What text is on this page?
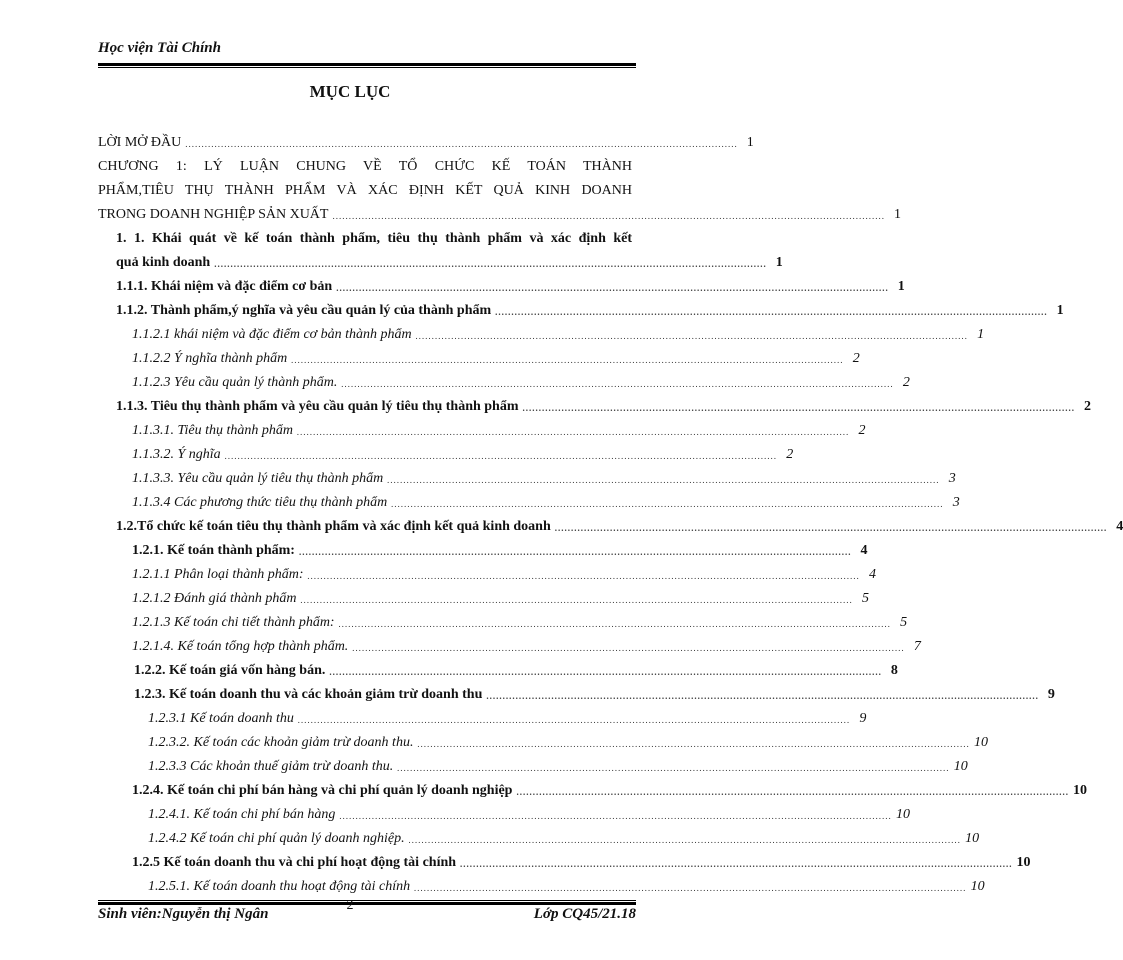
Học viện Tài Chính
MỤC LỤC
LỜI MỞ ĐẦU .......................................................................................................................................................................... 1
CHƯƠNG 1: LÝ LUẬN CHUNG VỀ TỔ CHỨC KẾ TOÁN THÀNH
PHẨM,TIÊU THỤ THÀNH PHẨM VÀ XÁC ĐỊNH KẾT QUẢ KINH DOANH
TRONG DOANH NGHIỆP SẢN XUẤT .......................................................................................................................................................................... 1
1. 1. Khái quát về kế toán thành phẩm, tiêu thụ thành phẩm và xác định kết
quả kinh doanh .......................................................................................................................................................................... 1
1.1.1. Khái niệm và đặc điểm cơ bản .......................................................................................................................................................................... 1
1.1.2. Thành phẩm,ý nghĩa và yêu cầu quản lý của thành phẩm .......................................................................................................................................................................... 1
1.1.2.1 khái niệm và đặc điểm cơ bản thành phẩm .......................................................................................................................................................................... 1
1.1.2.2 Ý nghĩa thành phẩm .......................................................................................................................................................................... 2
1.1.2.3 Yêu cầu quản lý thành phẩm. .......................................................................................................................................................................... 2
1.1.3. Tiêu thụ thành phẩm và yêu cầu quản lý tiêu thụ thành phẩm .......................................................................................................................................................................... 2
1.1.3.1. Tiêu thụ thành phẩm .......................................................................................................................................................................... 2
1.1.3.2. Ý nghĩa .......................................................................................................................................................................... 2
1.1.3.3. Yêu cầu quản lý tiêu thụ thành phẩm .......................................................................................................................................................................... 3
1.1.3.4 Các phương thức tiêu thụ thành phẩm .......................................................................................................................................................................... 3
1.2.Tổ chức kế toán tiêu thụ thành phẩm và xác định kết quả kinh doanh .......................................................................................................................................................................... 4
1.2.1. Kế toán thành phẩm: .......................................................................................................................................................................... 4
1.2.1.1 Phân loại thành phẩm: .......................................................................................................................................................................... 4
1.2.1.2 Đánh giá thành phẩm .......................................................................................................................................................................... 5
1.2.1.3 Kế toán chi tiết thành phẩm: .......................................................................................................................................................................... 5
1.2.1.4. Kế toán tổng hợp thành phẩm. .......................................................................................................................................................................... 7
1.2.2. Kế toán giá vốn hàng bán. .......................................................................................................................................................................... 8
1.2.3. Kế toán doanh thu và các khoản giảm trừ doanh thu .......................................................................................................................................................................... 9
1.2.3.1 Kế toán doanh thu .......................................................................................................................................................................... 9
1.2.3.2. Kế toán các khoản giảm trừ doanh thu. .......................................................................................................................................................................... 10
1.2.3.3 Các khoản thuế giảm trừ doanh thu. .......................................................................................................................................................................... 10
1.2.4. Kế toán chi phí bán hàng và chi phí quản lý doanh nghiệp .......................................................................................................................................................................... 10
1.2.4.1. Kế toán chi phí bán hàng .......................................................................................................................................................................... 10
1.2.4.2 Kế toán chi phí quản lý doanh nghiệp. .......................................................................................................................................................................... 10
1.2.5 Kế toán doanh thu và chi phí hoạt động tài chính .......................................................................................................................................................................... 10
1.2.5.1. Kế toán doanh thu hoạt động tài chính .......................................................................................................................................................................... 10
2
Sinh viên:Nguyễn thị Ngân	Lớp CQ45/21.18
